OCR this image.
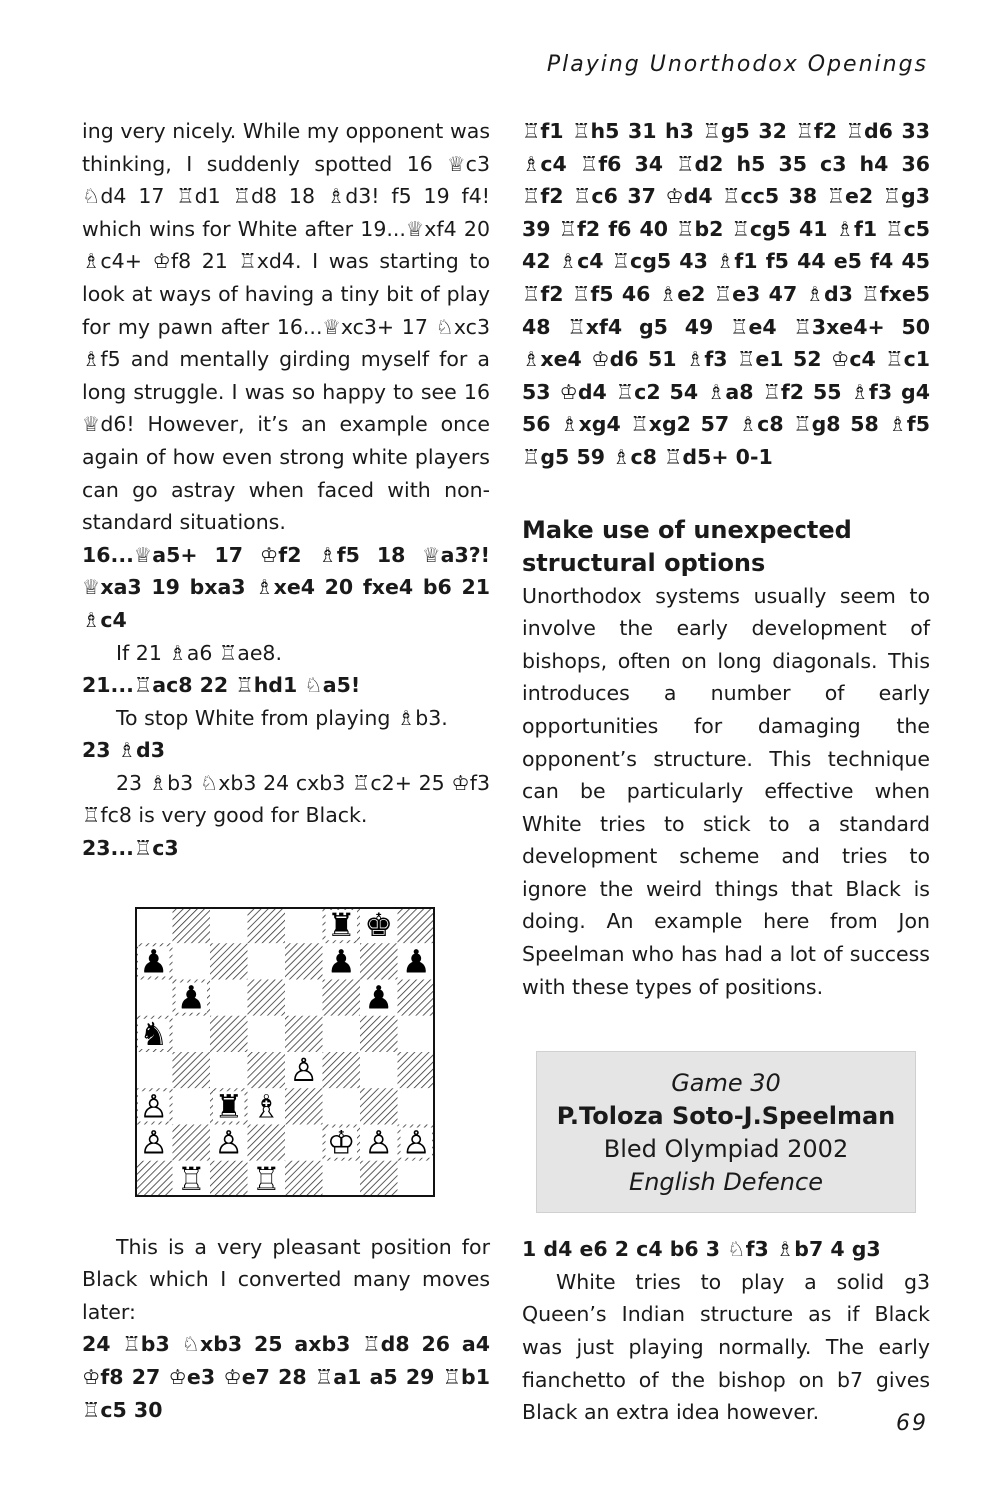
Playing Unorthodox Openings

ing very nicely. While my opponent was thinking, I suddenly spotted 16 ♕c3 ♘d4 17 ♖d1 ♖d8 18 ♗d3! f5 19 f4! which wins for White after 19...♕xf4 20 ♗c4+ ♔f8 21 ♖xd4. I was starting to look at ways of having a tiny bit of play for my pawn after 16...♕xc3+ 17 ♘xc3 ♗f5 and mentally girding myself for a long struggle. I was so happy to see 16 ♕d6! However, it’s an example once again of how even strong white players can go astray when faced with non-standard situations.

16...♕a5+ 17 ♔f2 ♗f5 18 ♕a3?! ♕xa3 19 bxa3 ♗xe4 20 fxe4 b6 21 ♗c4

If 21 ♗a6 ♖ae8.

21...♖ac8 22 ♖hd1 ♘a5!

To stop White from playing ♗b3.

23 ♗d3

23 ♗b3 ♘xb3 24 cxb3 ♖c2+ 25 ♔f3 ♖fc8 is very good for Black.

23...♖c3

♜ ♚
♟	♟ ♟
♟	♟
♞
♙
♙ ♜ ♗
♙ ♙	♔ ♙ ♙
♖ ♖

This is a very pleasant position for Black which I converted many moves later:

24 ♖b3 ♘xb3 25 axb3 ♖d8 26 a4 ♔f8 27 ♔e3 ♔e7 28 ♖a1 a5 29 ♖b1 ♖c5 30

♖f1 ♖h5 31 h3 ♖g5 32 ♖f2 ♖d6 33 ♗c4 ♖f6 34 ♖d2 h5 35 c3 h4 36 ♖f2 ♖c6 37 ♔d4 ♖cc5 38 ♖e2 ♖g3 39 ♖f2 f6 40 ♖b2 ♖cg5 41 ♗f1 ♖c5 42 ♗c4 ♖cg5 43 ♗f1 f5 44 e5 f4 45 ♖f2 ♖f5 46 ♗e2 ♖e3 47 ♗d3 ♖fxe5 48 ♖xf4 g5 49 ♖e4 ♖3xe4+ 50 ♗xe4 ♔d6 51 ♗f3 ♖e1 52 ♔c4 ♖c1 53 ♔d4 ♖c2 54 ♗a8 ♖f2 55 ♗f3 g4 56 ♗xg4 ♖xg2 57 ♗c8 ♖g8 58 ♗f5 ♖g5 59 ♗c8 ♖d5+ 0-1

Make use of unexpected structural options

Unorthodox systems usually seem to involve the early development of bishops, often on long diagonals. This introduces a number of early opportunities for damaging the opponent’s structure. This technique can be particularly effective when White tries to stick to a standard development scheme and tries to ignore the weird things that Black is doing. An example here from Jon Speelman who has had a lot of success with these types of positions.

Game 30
P.Toloza Soto-J.Speelman
Bled Olympiad 2002
English Defence

1 d4 e6 2 c4 b6 3 ♘f3 ♗b7 4 g3

White tries to play a solid g3 Queen’s Indian structure as if Black was just playing normally. The early fianchetto of the bishop on b7 gives Black an extra idea however.	69
